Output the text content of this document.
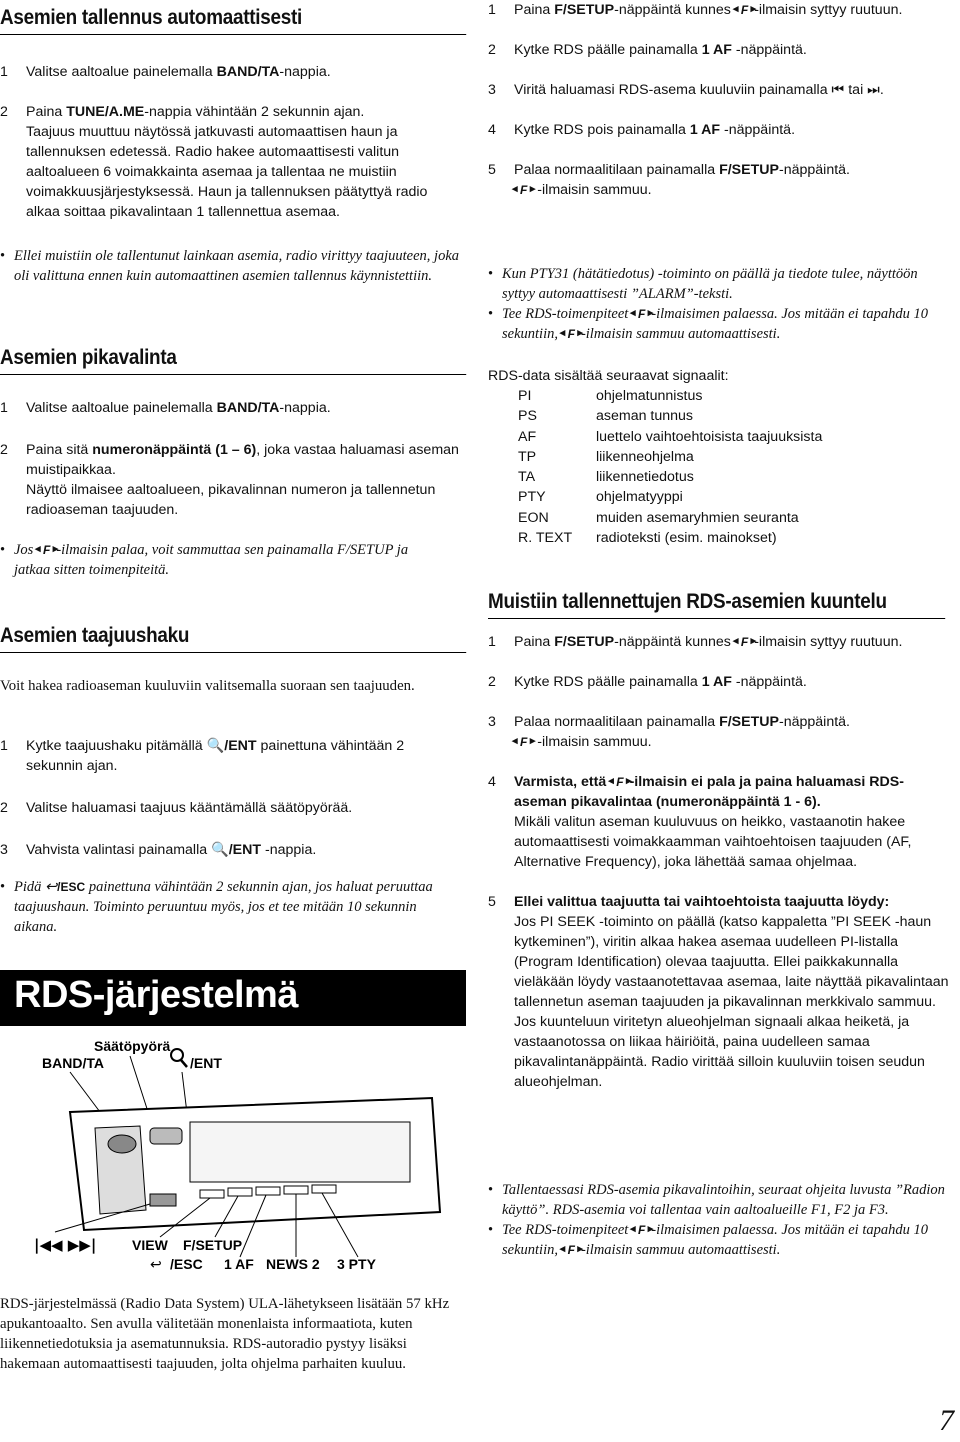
Asemien tallennus automaattisesti
1	Valitse aaltoalue painelemalla BAND/TA-nappia.
2	Paina TUNE/A.ME-nappia vähintään 2 sekunnin ajan.
Taajuus muuttuu näytössä jatkuvasti automaattisen haun ja tallennuksen edetessä. Radio hakee automaattisesti valitun aaltoalueen 6 voimakkainta asemaa ja tallentaa ne muistiin voimakkuusjärjestyksessä. Haun ja tallennuksen päätyttyä radio alkaa soittaa pikavalintaan 1 tallennettua asemaa.
• Ellei muistiin ole tallentunut lainkaan asemia, radio virittyy taajuuteen, joka oli valittuna ennen kuin automaattinen asemien tallennus käynnistettiin.
Asemien pikavalinta
1	Valitse aaltoalue painelemalla BAND/TA-nappia.
2	Paina sitä numeronäppäintä (1 – 6), joka vastaa haluamasi aseman muistipaikkaa.
Näyttö ilmaisee aaltoalueen, pikavalinnan numeron ja tallennetun radioaseman taajuuden.
• Jos ◂ F ▸ -ilmaisin palaa, voit sammuttaa sen painamalla F/SETUP ja jatkaa sitten toimenpiteitä.
Asemien taajuushaku
Voit hakea radioaseman kuuluviin valitsemalla suoraan sen taajuuden.
1	Kytke taajuushaku pitämällä 🔍/ENT painettuna vähintään 2 sekunnin ajan.
2	Valitse haluamasi taajuus kääntämällä säätöpyörää.
3	Vahvista valintasi painamalla 🔍/ENT -nappia.
• Pidä ↩/ESC painettuna vähintään 2 sekunnin ajan, jos haluat peruuttaa taajuushaun. Toiminto peruuntuu myös, jos et tee mitään 10 sekunnin aikana.
RDS-järjestelmä
Säätöpyörä
BAND/TA	/ENT
|◀◀ ▶▶|	VIEW F/SETUP
↩ /ESC 1 AF NEWS 2 3 PTY
RDS-järjestelmässä (Radio Data System) ULA-lähetykseen lisätään 57 kHz apukantoaalto. Sen avulla välitetään monenlaista informaatiota, kuten liikennetiedotuksia ja asematunnuksia. RDS-autoradio pystyy lisäksi hakemaan automaattisesti taajuuden, jolta ohjelma parhaiten kuuluu.
1	Paina F/SETUP-näppäintä kunnes ◂ F ▸ -ilmaisin syttyy ruutuun.
2	Kytke RDS päälle painamalla 1 AF -näppäintä.
3	Viritä haluamasi RDS-asema kuuluviin painamalla ⏮ tai ⏭.
4	Kytke RDS pois painamalla 1 AF -näppäintä.
5	Palaa normaalitilaan painamalla F/SETUP-näppäintä.
◂ F ▸ -ilmaisin sammuu.
• Kun PTY31 (hätätiedotus) -toiminto on päällä ja tiedote tulee, näyttöön syttyy automaattisesti ”ALARM”-teksti.
• Tee RDS-toimenpiteet ◂ F ▸ -ilmaisimen palaessa. Jos mitään ei tapahdu 10 sekuntiin, ◂ F ▸ -ilmaisin sammuu automaattisesti.
RDS-data sisältää seuraavat signaalit:
PI	ohjelmatunnistus
PS	aseman tunnus
AF	luettelo vaihtoehtoisista taajuuksista
TP	liikenneohjelma
TA	liikennetiedotus
PTY	ohjelmatyyppi
EON	muiden asemaryhmien seuranta
R. TEXT	radioteksti (esim. mainokset)
Muistiin tallennettujen RDS-asemien kuuntelu
1	Paina F/SETUP-näppäintä kunnes ◂ F ▸ -ilmaisin syttyy ruutuun.
2	Kytke RDS päälle painamalla 1 AF -näppäintä.
3	Palaa normaalitilaan painamalla F/SETUP-näppäintä.
◂ F ▸ -ilmaisin sammuu.
4	Varmista, että ◂ F ▸ -ilmaisin ei pala ja paina haluamasi RDS-aseman pikavalintaa (numeronäppäintä 1 - 6).
Mikäli valitun aseman kuuluvuus on heikko, vastaanotin hakee automaattisesti voimakkaamman vaihtoehtoisen taajuuden (AF, Alternative Frequency), joka lähettää samaa ohjelmaa.
5	Ellei valittua taajuutta tai vaihtoehtoista taajuutta löydy:
Jos PI SEEK -toiminto on päällä (katso kappaletta ”PI SEEK -haun kytkeminen”), viritin alkaa hakea asemaa uudelleen PI-listalla (Program Identification) olevaa taajuutta. Ellei paikkakunnalla vieläkään löydy vastaanotettavaa asemaa, laite näyttää pikavalintaan tallennetun aseman taajuuden ja pikavalinnan merkkivalo sammuu.
Jos kuunteluun viritetyn alueohjelman signaali alkaa heiketä, ja vastaanotossa on liikaa häiriöitä, paina uudelleen samaa pikavalintanäppäintä. Radio virittää silloin kuuluviin toisen seudun alueohjelman.
• Tallentaessasi RDS-asemia pikavalintoihin, seuraat ohjeita luvusta ”Radion käyttö”. RDS-asemia voi tallentaa vain aaltoalueille F1, F2 ja F3.
• Tee RDS-toimenpiteet ◂ F ▸ -ilmaisimen palaessa. Jos mitään ei tapahdu 10 sekuntiin, ◂ F ▸ -ilmaisin sammuu automaattisesti.
7
